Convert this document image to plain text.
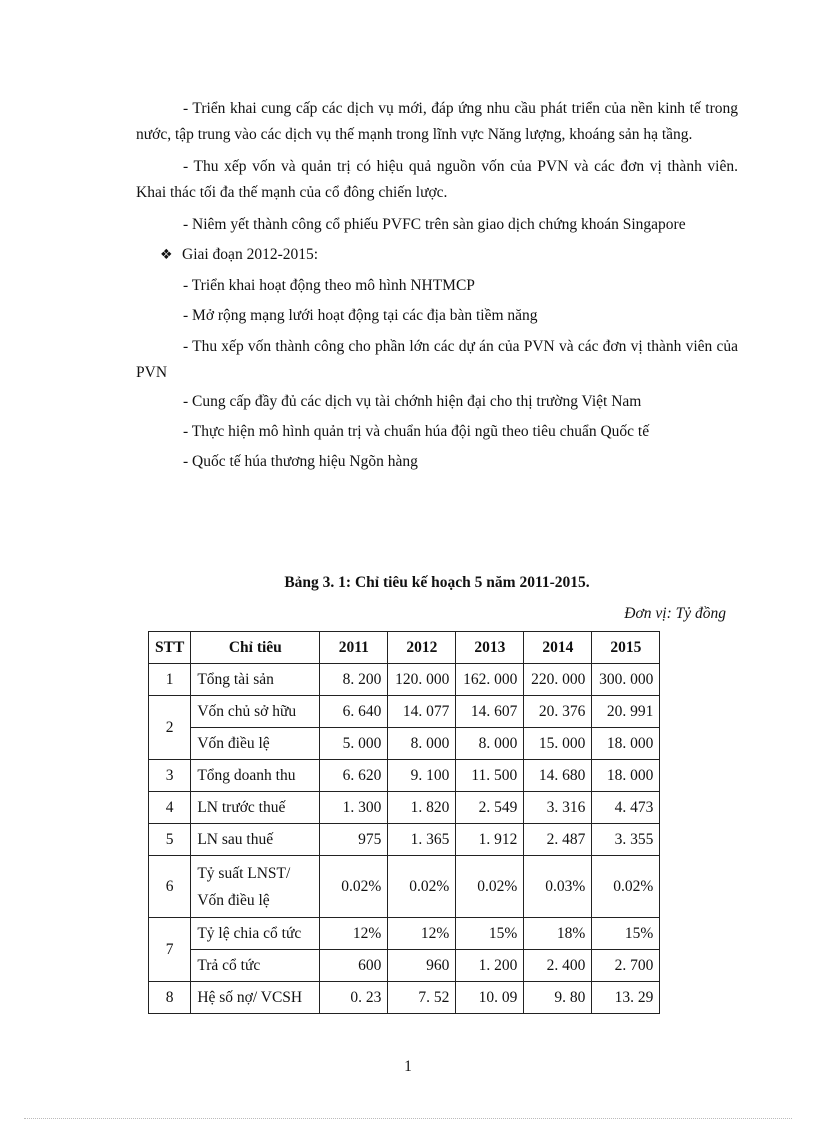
- Triển khai cung cấp các dịch vụ mới, đáp ứng nhu cầu phát triển của nền kinh tế trong nước, tập trung vào các dịch vụ thế mạnh trong lĩnh vực Năng lượng, khoáng sản hạ tầng.

- Thu xếp vốn và quản trị có hiệu quả nguồn vốn của PVN và các đơn vị thành viên. Khai thác tối đa thế mạnh của cổ đông chiến lược.

- Niêm yết thành công cổ phiếu PVFC trên sàn giao dịch chứng khoán Singapore

❖ Giai đoạn 2012-2015:

- Triển khai hoạt động theo mô hình NHTMCP

- Mở rộng mạng lưới hoạt động tại các địa bàn tiềm năng

- Thu xếp vốn thành công cho phần lớn các dự án của PVN và các đơn vị thành viên của PVN

- Cung cấp đầy đủ các dịch vụ tài chớnh hiện đại cho thị trường Việt Nam

- Thực hiện mô hình quản trị và chuẩn húa đội ngũ theo tiêu chuẩn Quốc tế

- Quốc tế húa thương hiệu Ngõn hàng

Bảng 3. 1: Chỉ tiêu kế hoạch 5 năm 2011-2015.
Đơn vị: Tỷ đồng
STT	Chỉ tiêu	2011	2012	2013	2014	2015
1	Tổng tài sản	8. 200	120. 000	162. 000	220. 000	300. 000
2	Vốn chủ sở hữu	6. 640	14. 077	14. 607	20. 376	20. 991
	Vốn điều lệ	5. 000	8. 000	8. 000	15. 000	18. 000
3	Tổng doanh thu	6. 620	9. 100	11. 500	14. 680	18. 000
4	LN trước thuế	1. 300	1. 820	2. 549	3. 316	4. 473
5	LN sau thuế	975	1. 365	1. 912	2. 487	3. 355
6	Tỷ suất LNST/
Vốn điều lệ	0.02%	0.02%	0.02%	0.03%	0.02%
7	Tỷ lệ chia cổ tức	12%	12%	15%	18%	15%
	Trả cổ tức	600	960	1. 200	2. 400	2. 700
8	Hệ số nợ/ VCSH	0. 23	7. 52	10. 09	9. 80	13. 29
1
